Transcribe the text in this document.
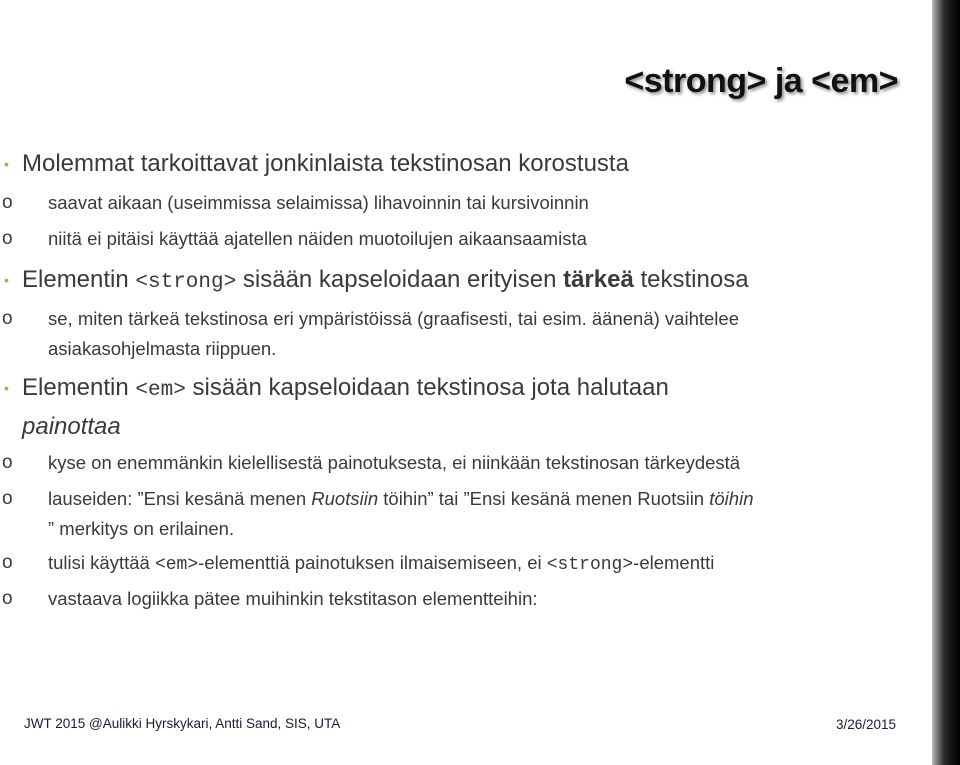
<strong> ja <em>
• Molemmat tarkoittavat jonkinlaista tekstinosan korostusta
o	saavat aikaan (useimmissa selaimissa) lihavoinnin tai kursivoinnin
o	niitä ei pitäisi käyttää ajatellen näiden muotoilujen aikaansaamista
• Elementin <strong> sisään kapseloidaan erityisen tärkeä tekstinosa
o	se, miten tärkeä tekstinosa eri ympäristöissä (graafisesti, tai esim. äänenä) vaihtelee
asiakasohjelmasta riippuen.
• Elementin <em> sisään kapseloidaan tekstinosa jota halutaan
painottaa
o	kyse on enemmänkin kielellisestä painotuksesta, ei niinkään tekstinosan tärkeydestä
o	lauseiden: ”Ensi kesänä menen Ruotsiin töihin” tai ”Ensi kesänä menen Ruotsiin töihin
” merkitys on erilainen.
o	tulisi käyttää <em>-elementtiä painotuksen ilmaisemiseen, ei <strong>-elementti
o	vastaava logiikka pätee muihinkin tekstitason elementteihin:
JWT 2015 @Aulikki Hyrskykari, Antti Sand, SIS, UTA	3/26/2015
